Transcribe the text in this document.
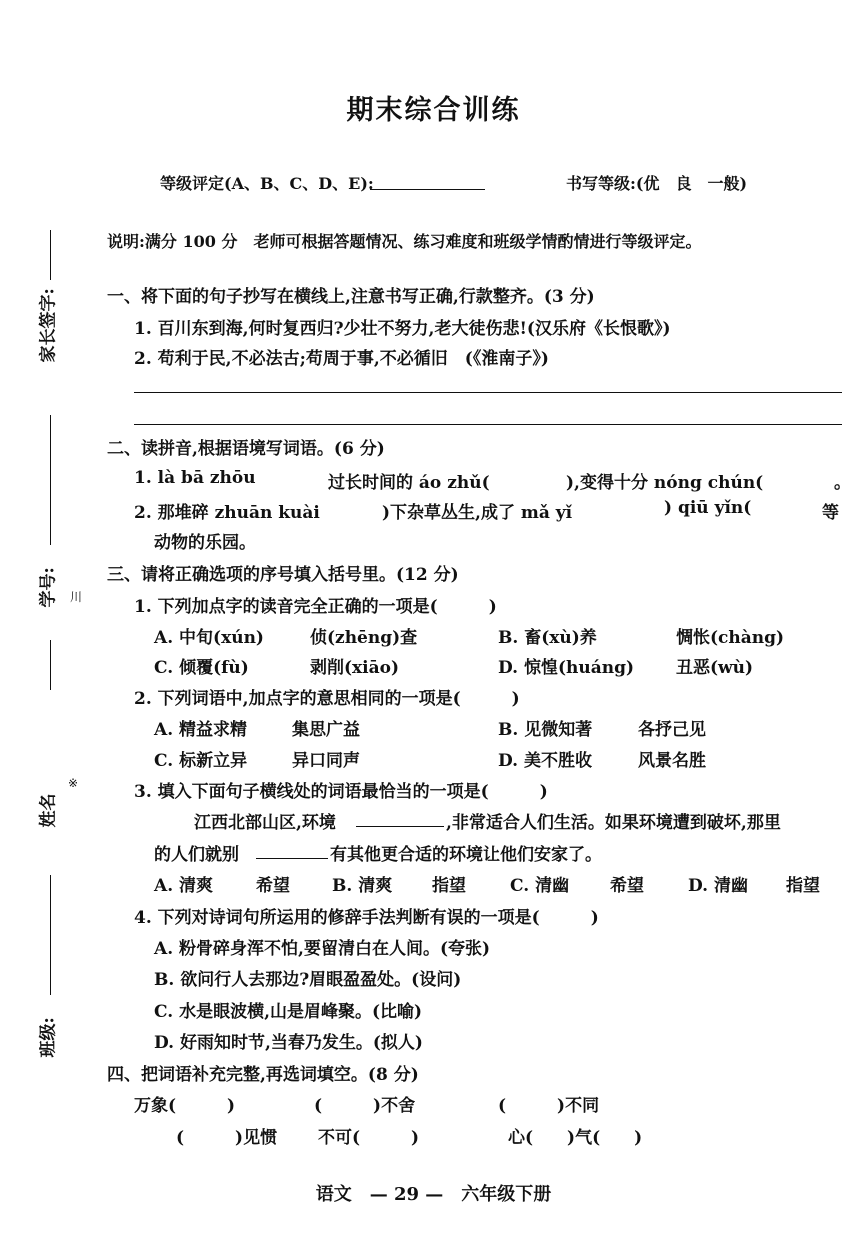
期末综合训练
等级评定(A、B、C、D、E):	书写等级:(优　良　一般)
说明:满分 100 分　老师可根据答题情况、练习难度和班级学情酌情进行等级评定。
家长签字:
学号: 川
姓名
※
班级:
一、将下面的句子抄写在横线上,注意书写正确,行款整齐。(3 分)
1. 百川东到海,何时复西归?少壮不努力,老大徒伤悲!(汉乐府《长恨歌》)
2. 苟利于民,不必法古;苟周于事,不必循旧　(《淮南子》)
二、读拼音,根据语境写词语。(6 分)
1. là bā zhōu	过长时间的 áo zhǔ(	),变得十分 nóng chún(	。
2. 那堆碎 zhuān kuài	)下杂草丛生,成了 mǎ yǐ	) qiū yǐn(	等
动物的乐园。
三、请将正确选项的序号填入括号里。(12 分)
1. 下列加点字的读音完全正确的一项是(　　　)
A. 中旬(xún)	侦(zhēng)查	B. 畜(xù)养	惆怅(chàng)
C. 倾覆(fù)	剥削(xiāo)	D. 惊惶(huáng) 丑恶(wù)
2. 下列词语中,加点字的意思相同的一项是(　　　)
A. 精益求精	集思广益	B. 见微知著	各抒己见
C. 标新立异	异口同声	D. 美不胜收	风景名胜
3. 填入下面句子横线处的词语最恰当的一项是(　　　)
江西北部山区,环境	,非常适合人们生活。如果环境遭到破坏,那里
的人们就别	有其他更合适的环境让他们安家了。
A. 清爽	希望 B. 清爽 指望	C. 清幽 希望	D. 清幽 指望
4. 下列对诗词句所运用的修辞手法判断有误的一项是(　　　)
A. 粉骨碎身浑不怕,要留清白在人间。(夸张)
B. 欲问行人去那边?眉眼盈盈处。(设问)
C. 水是眼波横,山是眉峰聚。(比喻)
D. 好雨知时节,当春乃发生。(拟人)
四、把词语补充完整,再选词填空。(8 分)
万象(　　　)	(　　　)不舍	(　　　)不同
(　　　)见惯 不可(　　　)	心(　　)气(　　)
语文　— 29 —　六年级下册
